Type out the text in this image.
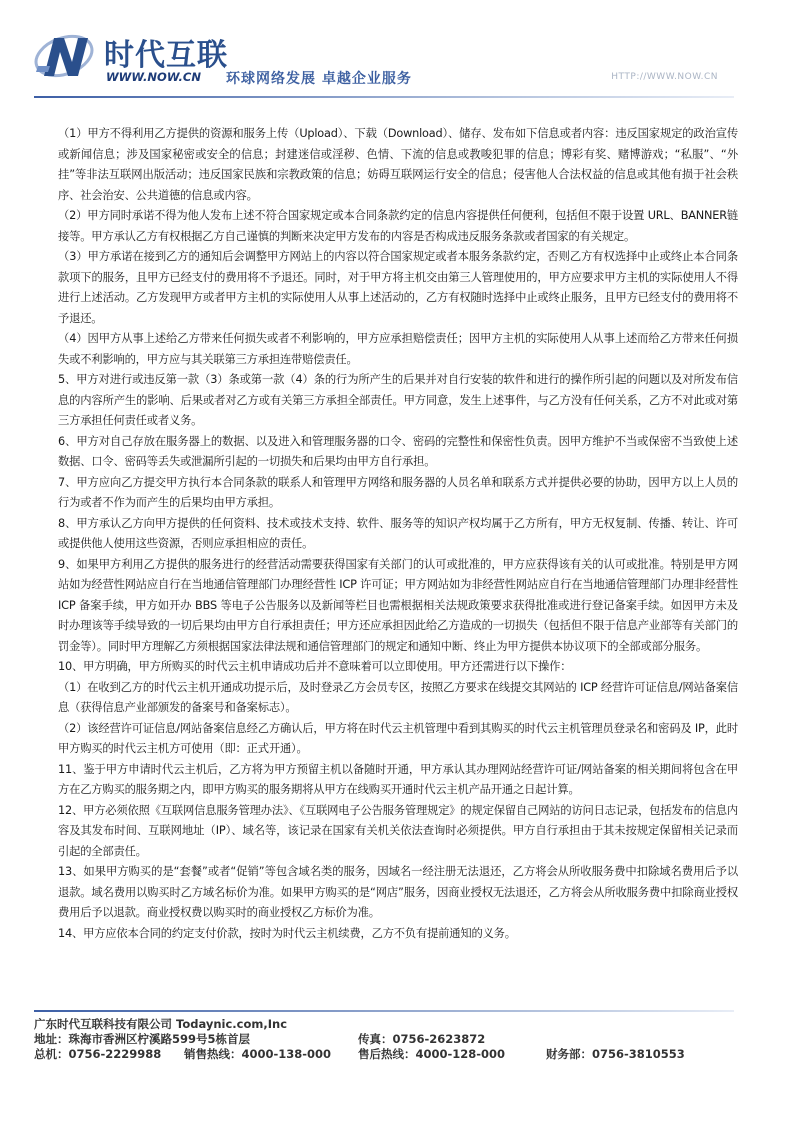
时代互联
WWW.NOW.CN 环球网络发展 卓越企业服务	HTTP://WWW.NOW.CN

（1）甲方不得利用乙方提供的资源和服务上传（Upload）、下载（Download）、储存、发布如下信息或者内容：违反国家规定的政治宣传或新闻信息；涉及国家秘密或安全的信息；封建迷信或淫秽、色情、下流的信息或教唆犯罪的信息；博彩有奖、赌博游戏；“私服”、“外挂”等非法互联网出版活动；违反国家民族和宗教政策的信息；妨碍互联网运行安全的信息；侵害他人合法权益的信息或其他有损于社会秩序、社会治安、公共道德的信息或内容。

（2）甲方同时承诺不得为他人发布上述不符合国家规定或本合同条款约定的信息内容提供任何便利，包括但不限于设置 URL、BANNER链接等。甲方承认乙方有权根据乙方自己谨慎的判断来决定甲方发布的内容是否构成违反服务条款或者国家的有关规定。

（3）甲方承诺在接到乙方的通知后会调整甲方网站上的内容以符合国家规定或者本服务条款约定，否则乙方有权选择中止或终止本合同条款项下的服务，且甲方已经支付的费用将不予退还。同时，对于甲方将主机交由第三人管理使用的，甲方应要求甲方主机的实际使用人不得进行上述活动。乙方发现甲方或者甲方主机的实际使用人从事上述活动的，乙方有权随时选择中止或终止服务，且甲方已经支付的费用将不予退还。

（4）因甲方从事上述给乙方带来任何损失或者不利影响的，甲方应承担赔偿责任；因甲方主机的实际使用人从事上述而给乙方带来任何损失或不利影响的，甲方应与其关联第三方承担连带赔偿责任。

5、甲方对进行或违反第一款（3）条或第一款（4）条的行为所产生的后果并对自行安装的软件和进行的操作所引起的问题以及对所发布信息的内容所产生的影响、后果或者对乙方或有关第三方承担全部责任。甲方同意，发生上述事件，与乙方没有任何关系，乙方不对此或对第三方承担任何责任或者义务。

6、甲方对自己存放在服务器上的数据、以及进入和管理服务器的口令、密码的完整性和保密性负责。因甲方维护不当或保密不当致使上述数据、口令、密码等丢失或泄漏所引起的一切损失和后果均由甲方自行承担。

7、甲方应向乙方提交甲方执行本合同条款的联系人和管理甲方网络和服务器的人员名单和联系方式并提供必要的协助，因甲方以上人员的行为或者不作为而产生的后果均由甲方承担。

8、甲方承认乙方向甲方提供的任何资料、技术或技术支持、软件、服务等的知识产权均属于乙方所有，甲方无权复制、传播、转让、许可或提供他人使用这些资源，否则应承担相应的责任。

9、如果甲方利用乙方提供的服务进行的经营活动需要获得国家有关部门的认可或批准的，甲方应获得该有关的认可或批准。特别是甲方网站如为经营性网站应自行在当地通信管理部门办理经营性 ICP 许可证；甲方网站如为非经营性网站应自行在当地通信管理部门办理非经营性 ICP 备案手续，甲方如开办 BBS 等电子公告服务以及新闻等栏目也需根据相关法规政策要求获得批准或进行登记备案手续。如因甲方未及时办理该等手续导致的一切后果均由甲方自行承担责任；甲方还应承担因此给乙方造成的一切损失（包括但不限于信息产业部等有关部门的罚金等）。同时甲方理解乙方须根据国家法律法规和通信管理部门的规定和通知中断、终止为甲方提供本协议项下的全部或部分服务。

10、甲方明确，甲方所购买的时代云主机申请成功后并不意味着可以立即使用。甲方还需进行以下操作：

（1）在收到乙方的时代云主机开通成功提示后，及时登录乙方会员专区，按照乙方要求在线提交其网站的 ICP 经营许可证信息/网站备案信息（获得信息产业部颁发的备案号和备案标志）。

（2）该经营许可证信息/网站备案信息经乙方确认后，甲方将在时代云主机管理中看到其购买的时代云主机管理员登录名和密码及 IP，此时甲方购买的时代云主机方可使用（即：正式开通）。

11、鉴于甲方申请时代云主机后，乙方将为甲方预留主机以备随时开通，甲方承认其办理网站经营许可证/网站备案的相关期间将包含在甲方在乙方购买的服务期之内，即甲方购买的服务期将从甲方在线购买开通时代云主机产品开通之日起计算。

12、甲方必须依照《互联网信息服务管理办法》、《互联网电子公告服务管理规定》的规定保留自己网站的访问日志记录，包括发布的信息内容及其发布时间、互联网地址（IP）、域名等，该记录在国家有关机关依法查询时必须提供。甲方自行承担由于其未按规定保留相关记录而引起的全部责任。

13、如果甲方购买的是“套餐”或者“促销”等包含域名类的服务，因域名一经注册无法退还，乙方将会从所收服务费中扣除域名费用后予以退款。域名费用以购买时乙方域名标价为准。如果甲方购买的是“网店”服务，因商业授权无法退还，乙方将会从所收服务费中扣除商业授权费用后予以退款。商业授权费以购买时的商业授权乙方标价为准。

14、甲方应依本合同的约定支付价款，按时为时代云主机续费，乙方不负有提前通知的义务。

广东时代互联科技有限公司 Todaynic.com,Inc
地址：珠海市香洲区柠溪路599号5栋首层	传真：0756-2623872
总机：0756-2229988 销售热线：4000-138-000 售后热线：4000-128-000	财务部：0756-3810553
